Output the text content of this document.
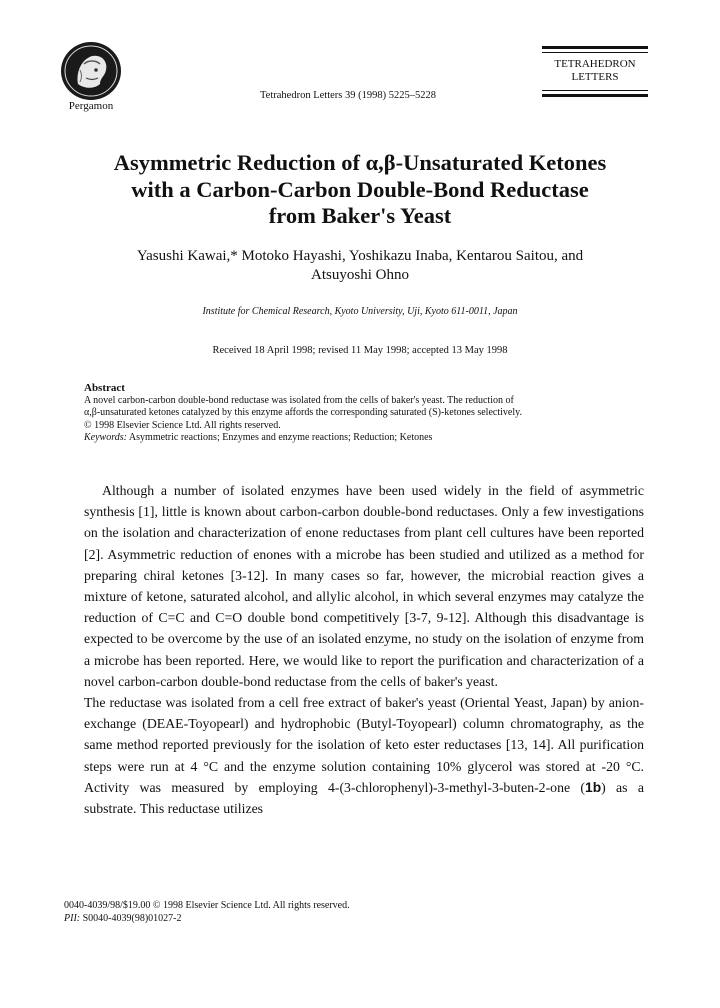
Pergamon
Tetrahedron Letters 39 (1998) 5225–5228
TETRAHEDRON
LETTERS
Asymmetric Reduction of α,β-Unsaturated Ketones
with a Carbon-Carbon Double-Bond Reductase
from Baker's Yeast
Yasushi Kawai,* Motoko Hayashi, Yoshikazu Inaba, Kentarou Saitou, and
Atsuyoshi Ohno
Institute for Chemical Research, Kyoto University, Uji, Kyoto 611-0011, Japan
Received 18 April 1998; revised 11 May 1998; accepted 13 May 1998
Abstract
A novel carbon-carbon double-bond reductase was isolated from the cells of baker's yeast. The reduction of
α,β-unsaturated ketones catalyzed by this enzyme affords the corresponding saturated (S)-ketones selectively.
© 1998 Elsevier Science Ltd. All rights reserved.
Keywords: Asymmetric reactions; Enzymes and enzyme reactions; Reduction; Ketones

Although a number of isolated enzymes have been used widely in the field of asymmetric synthesis [1], little is known about carbon-carbon double-bond reductases. Only a few investigations on the isolation and characterization of enone reductases from plant cell cultures have been reported [2]. Asymmetric reduction of enones with a microbe has been studied and utilized as a method for preparing chiral ketones [3-12]. In many cases so far, however, the microbial reaction gives a mixture of ketone, saturated alcohol, and allylic alcohol, in which several enzymes may catalyze the reduction of C=C and C=O double bond competitively [3-7, 9-12]. Although this disadvantage is expected to be overcome by the use of an isolated enzyme, no study on the isolation of enzyme from a microbe has been reported. Here, we would like to report the purification and characterization of a novel carbon-carbon double-bond reductase from the cells of baker's yeast.

The reductase was isolated from a cell free extract of baker's yeast (Oriental Yeast, Japan) by anion-exchange (DEAE-Toyopearl) and hydrophobic (Butyl-Toyopearl) column chromatography, as the same method reported previously for the isolation of keto ester reductases [13, 14]. All purification steps were run at 4 °C and the enzyme solution containing 10% glycerol was stored at -20 °C. Activity was measured by employing 4-(3-chlorophenyl)-3-methyl-3-buten-2-one (1b) as a substrate. This reductase utilizes

0040-4039/98/$19.00 © 1998 Elsevier Science Ltd. All rights reserved.
PII: S0040-4039(98)01027-2
